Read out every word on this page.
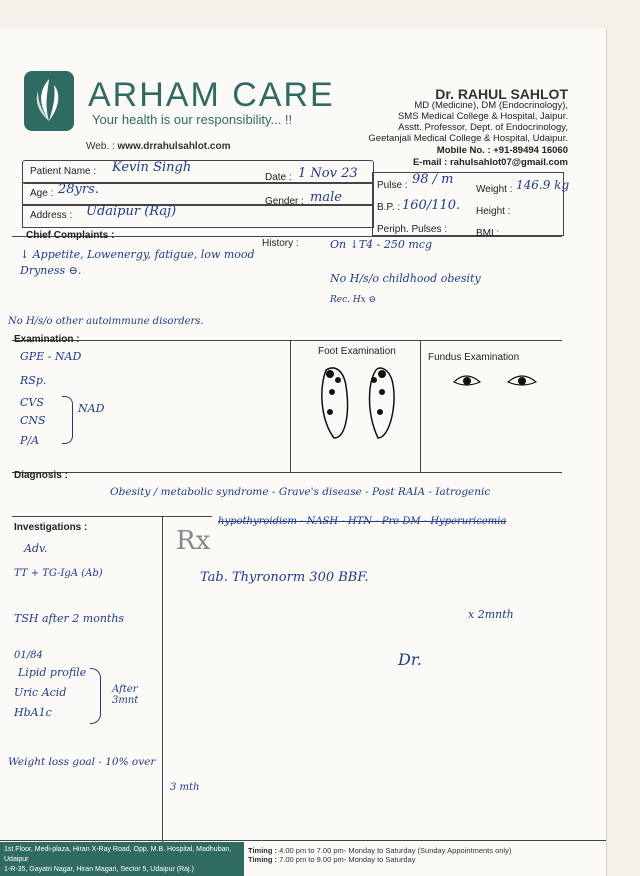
ARHAM CARE
Your health is our responsibility... !!
Web. : www.drrahulsahlot.com
Dr. RAHUL SAHLOT
MD (Medicine), DM (Endocrinology),
SMS Medical College & Hospital, Jaipur.
Asstt. Professor, Dept. of Endocrinology,
Geetanjali Medical College & Hospital, Udaipur.
Mobile No. : +91-89494 16060
E-mail : rahulsahlot07@gmail.com
Patient Name : Kevin Singh
Date : 1 Nov 23
Age : 28yrs.
Gender : male
Address : Udaipur (Raj)
Pulse : 98 / m
Weight : 146.9 kg
B.P. : 160/110. Height :
Periph. Pulses :	BMI :
Chief Complaints :
↓ Appetite, Lowenergy, fatigue, low mood
Dryness ⊖.
History :	On ↓T4 - 250 mcg
No H/s/o childhood obesity
Rec. Hx ⊖
No H/s/o other autoimmune disorders.
Examination :
GPE - NAD
RSp.
CVS
CNS
P/A
NAD
Foot Examination
Fundus Examination
Diagnosis :
Obesity / metabolic syndrome - Grave's disease - Post RAIA - Iatrogenic
hypothyroidism - NASH - HTN - Pre DM - Hyperuricemia
Investigations :
Adv.
TT + TG-IgA (Ab)
TSH after 2 months
01/84
Lipid profile
Uric Acid
HbA1c
After 3mnt
Weight loss goal - 10% over
3 mth
Rx
Tab. Thyronorm 300 BBF.
x 2mnth
Dr.
1st Floor, Medi-plaza, Hiran X-Ray Road, Opp. M.B. Hospital, Madhuban, Udaipur
1-R-35, Gayatri Nagar, Hiran Magari, Sector 5, Udaipur (Raj.)
Timing : 4.00 pm to 7.00 pm- Monday to Saturday (Sunday Appointments only)
Timing : 7.00 pm to 9.00 pm- Monday to Saturday
